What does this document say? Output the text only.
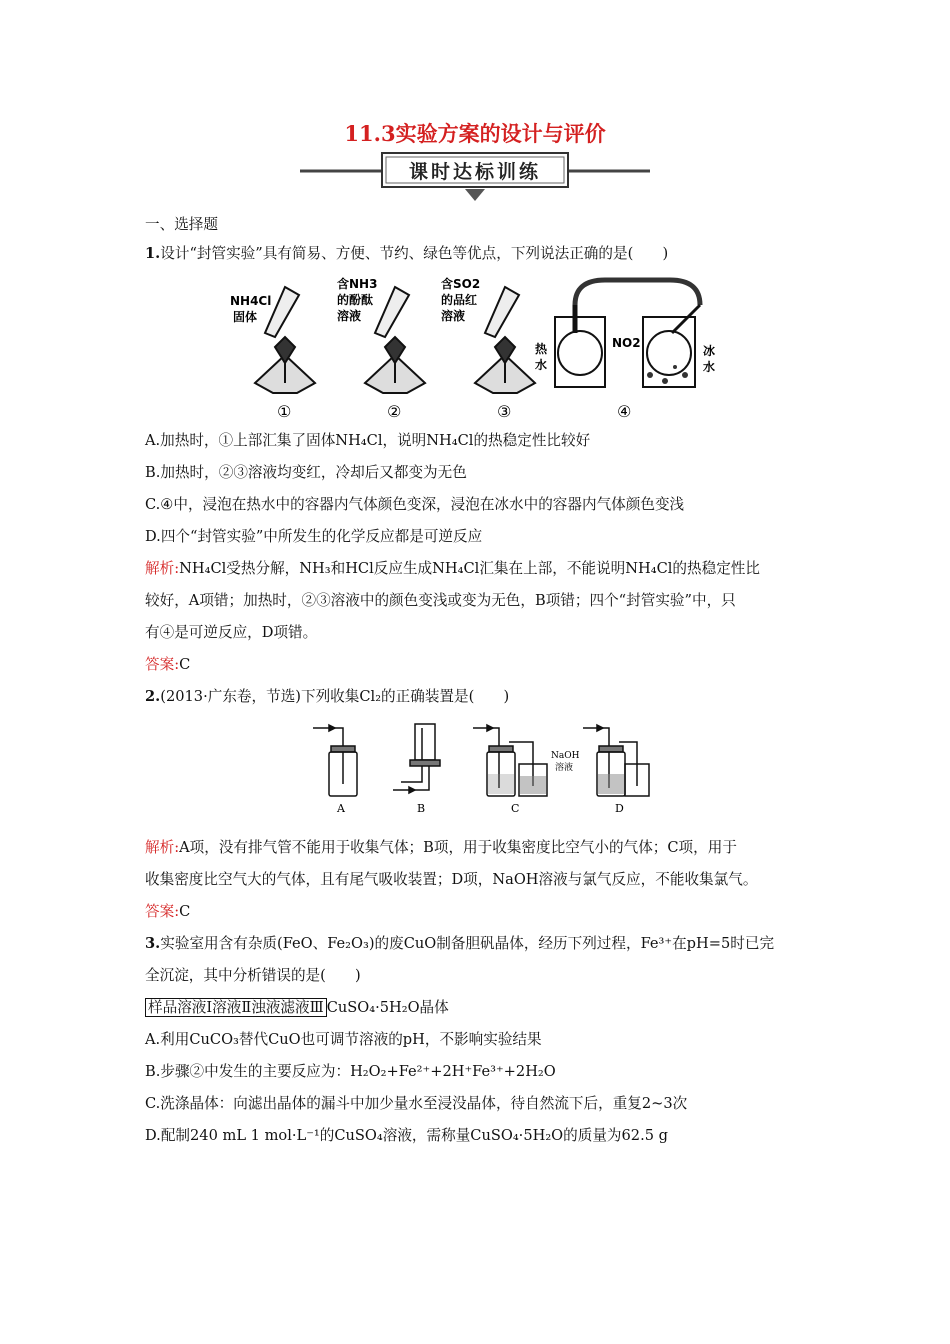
11.3实验方案的设计与评价
课时达标训练
一、选择题
1.设计“封管实验”具有简易、方便、节约、绿色等优点，下列说法正确的是(　　)
NH4Cl
固体
含NH3
的酚酞
溶液
含SO2
的品红
溶液
NO2
热
水
冰
水
①	②	③	④
A.加热时，①上部汇集了固体NH₄Cl，说明NH₄Cl的热稳定性比较好
B.加热时，②③溶液均变红，冷却后又都变为无色
C.④中，浸泡在热水中的容器内气体颜色变深，浸泡在冰水中的容器内气体颜色变浅
D.四个“封管实验”中所发生的化学反应都是可逆反应
解析:NH₄Cl受热分解，NH₃和HCl反应生成NH₄Cl汇集在上部，不能说明NH₄Cl的热稳定性比
较好，A项错；加热时，②③溶液中的颜色变浅或变为无色，B项错；四个“封管实验”中，只
有④是可逆反应，D项错。
答案:C
2.(2013·广东卷，节选)下列收集Cl₂的正确装置是(　　)
NaOH
溶液
A	B	C	D
解析:A项，没有排气管不能用于收集气体；B项，用于收集密度比空气小的气体；C项，用于
收集密度比空气大的气体，且有尾气吸收装置；D项，NaOH溶液与氯气反应，不能收集氯气。
答案:C
3.实验室用含有杂质(FeO、Fe₂O₃)的废CuO制备胆矾晶体，经历下列过程，Fe³⁺在pH=5时已完
全沉淀，其中分析错误的是(　　)
样品溶液Ⅰ溶液Ⅱ浊液滤液Ⅲ CuSO₄·5H₂O晶体
A.利用CuCO₃替代CuO也可调节溶液的pH，不影响实验结果
B.步骤②中发生的主要反应为：H₂O₂+Fe²⁺+2H⁺Fe³⁺+2H₂O
C.洗涤晶体：向滤出晶体的漏斗中加少量水至浸没晶体，待自然流下后，重复2~3次
D.配制240 mL 1 mol·L⁻¹的CuSO₄溶液，需称量CuSO₄·5H₂O的质量为62.5 g
